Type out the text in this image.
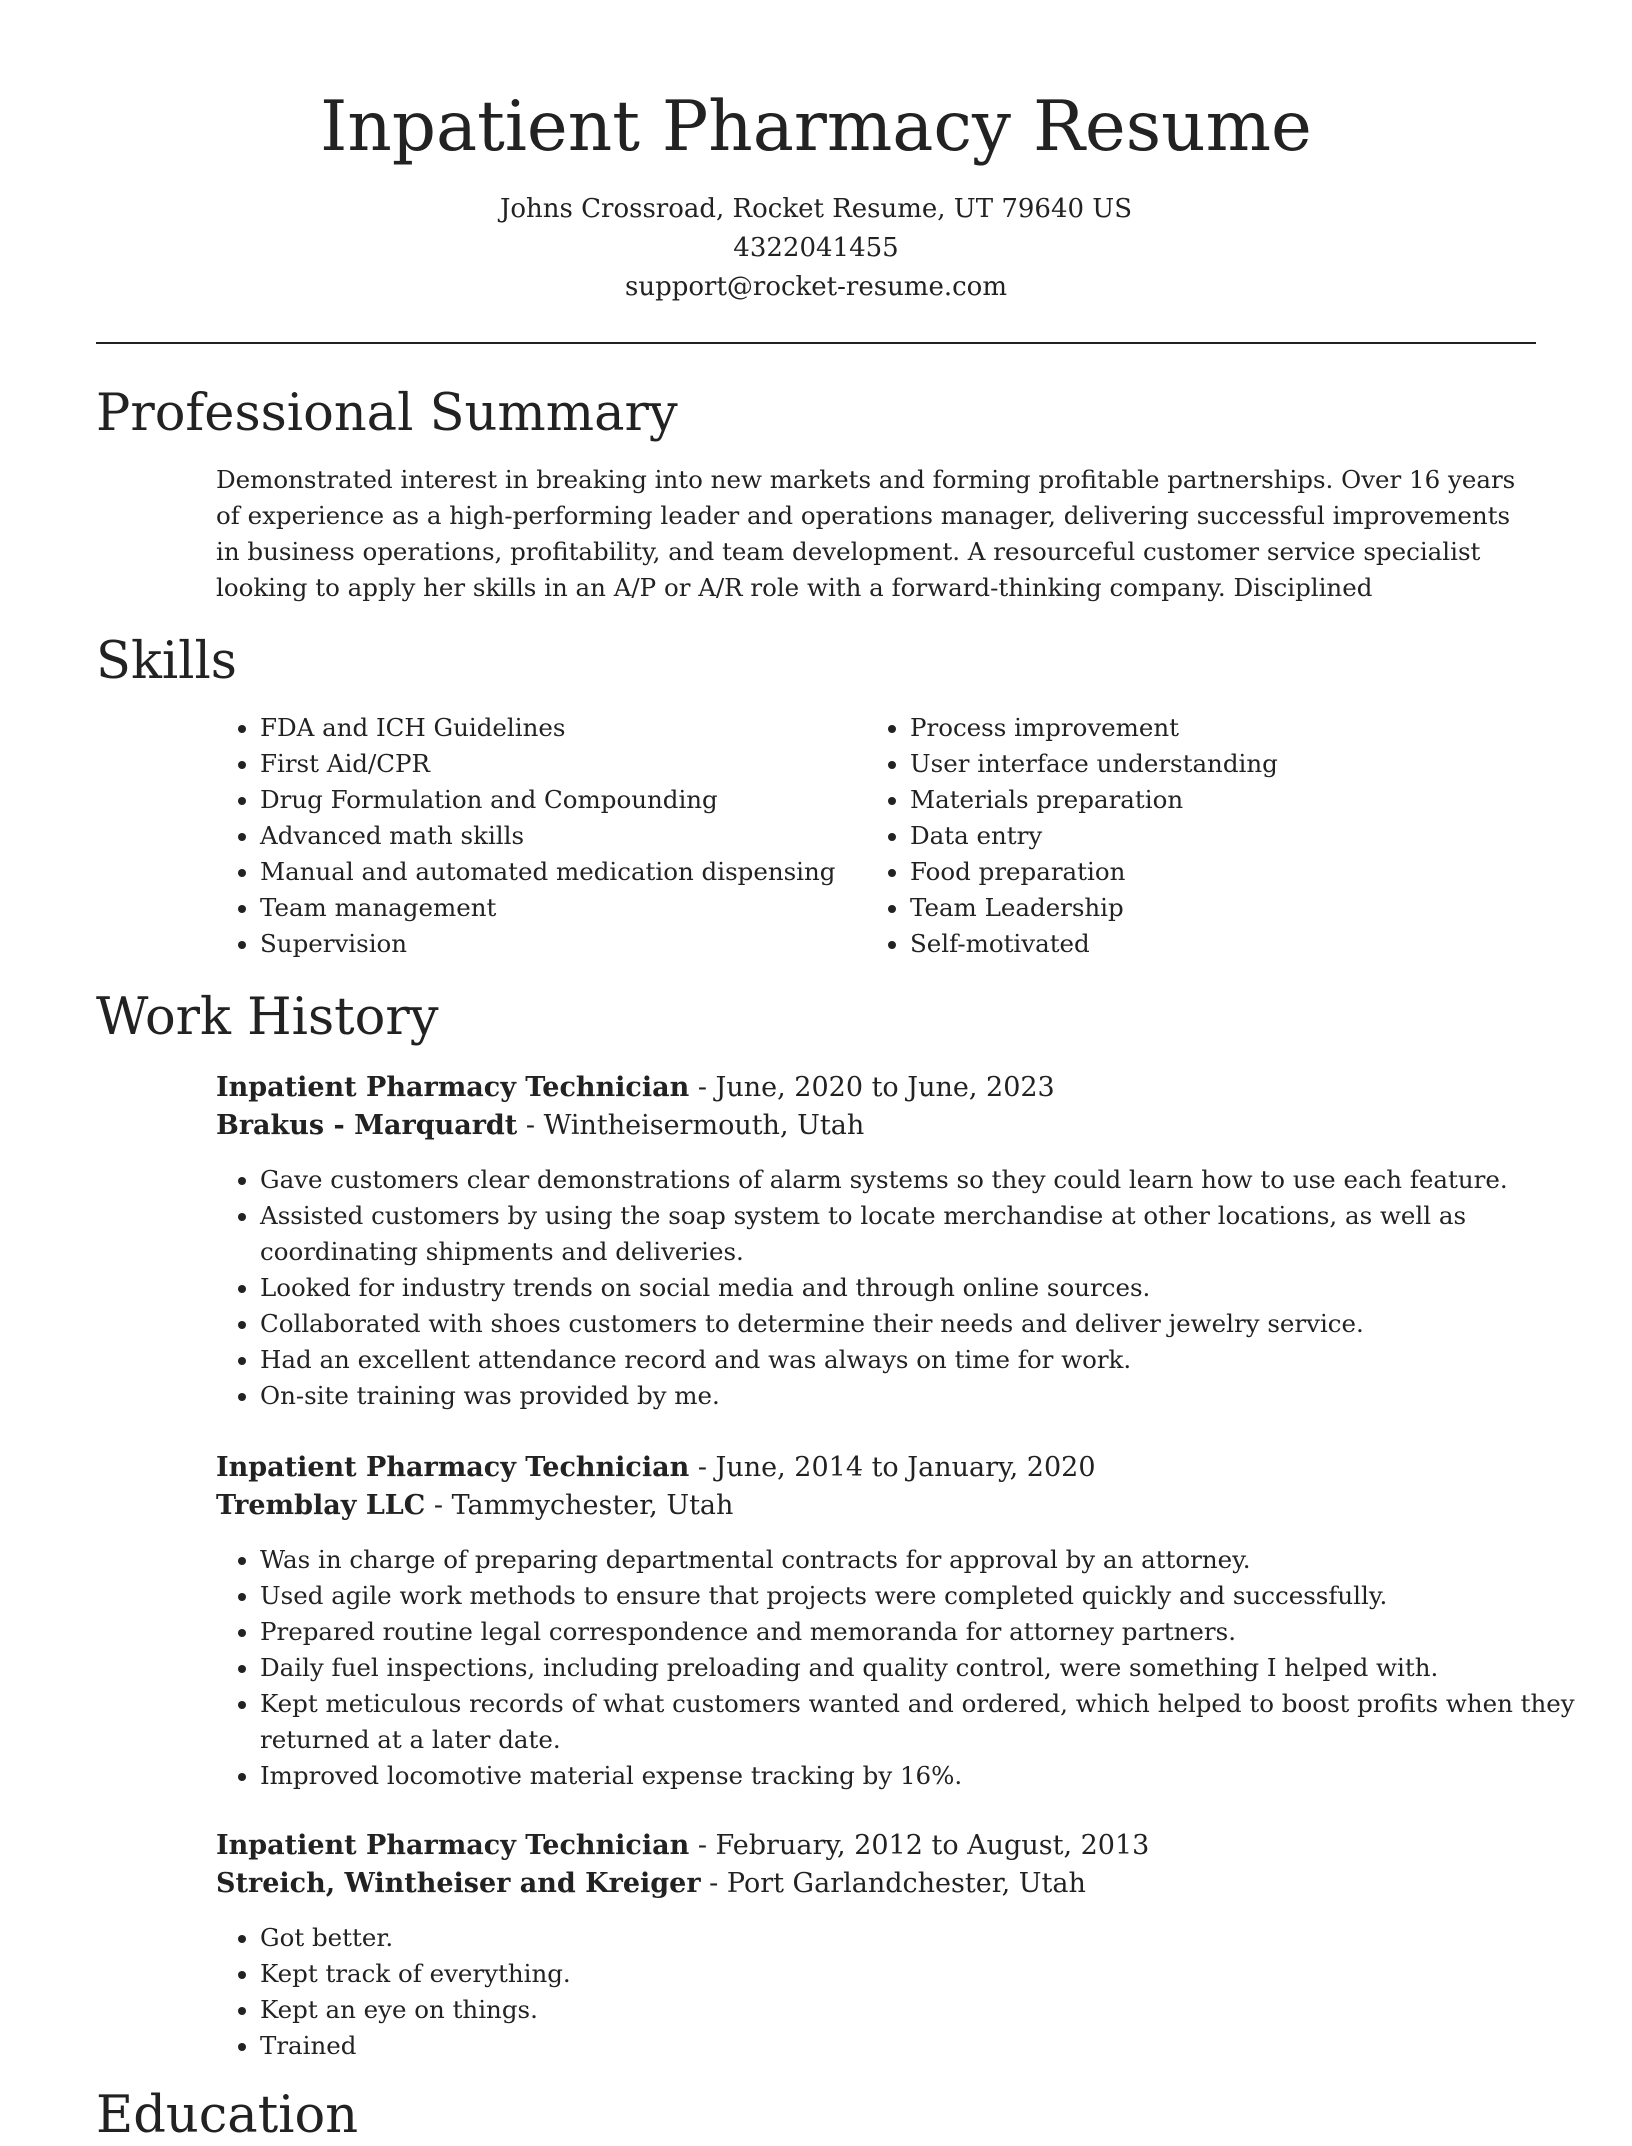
Inpatient Pharmacy Resume
Johns Crossroad, Rocket Resume, UT 79640 US
4322041455
support@rocket-resume.com
Professional Summary

Demonstrated interest in breaking into new markets and forming profitable partnerships. Over 16 years of experience as a high-performing leader and operations manager, delivering successful improvements in business operations, profitability, and team development. A resourceful customer service specialist looking to apply her skills in an A/P or A/R role with a forward-thinking company. Disciplined

Skills
• FDA and ICH Guidelines
• First Aid/CPR
• Drug Formulation and Compounding
• Advanced math skills
• Manual and automated medication dispensing
• Team management
• Supervision
• Process improvement
• User interface understanding
• Materials preparation
• Data entry
• Food preparation
• Team Leadership
• Self-motivated
Work History
Inpatient Pharmacy Technician - June, 2020 to June, 2023
Brakus - Marquardt - Wintheisermouth, Utah
• Gave customers clear demonstrations of alarm systems so they could learn how to use each feature.
• Assisted customers by using the soap system to locate merchandise at other locations, as well as coordinating shipments and deliveries.
• Looked for industry trends on social media and through online sources.
• Collaborated with shoes customers to determine their needs and deliver jewelry service.
• Had an excellent attendance record and was always on time for work.
• On-site training was provided by me.
Inpatient Pharmacy Technician - June, 2014 to January, 2020
Tremblay LLC - Tammychester, Utah
• Was in charge of preparing departmental contracts for approval by an attorney.
• Used agile work methods to ensure that projects were completed quickly and successfully.
• Prepared routine legal correspondence and memoranda for attorney partners.
• Daily fuel inspections, including preloading and quality control, were something I helped with.
• Kept meticulous records of what customers wanted and ordered, which helped to boost profits when they returned at a later date.
• Improved locomotive material expense tracking by 16%.
Inpatient Pharmacy Technician - February, 2012 to August, 2013
Streich, Wintheiser and Kreiger - Port Garlandchester, Utah
• Got better.
• Kept track of everything.
• Kept an eye on things.
• Trained
Education
